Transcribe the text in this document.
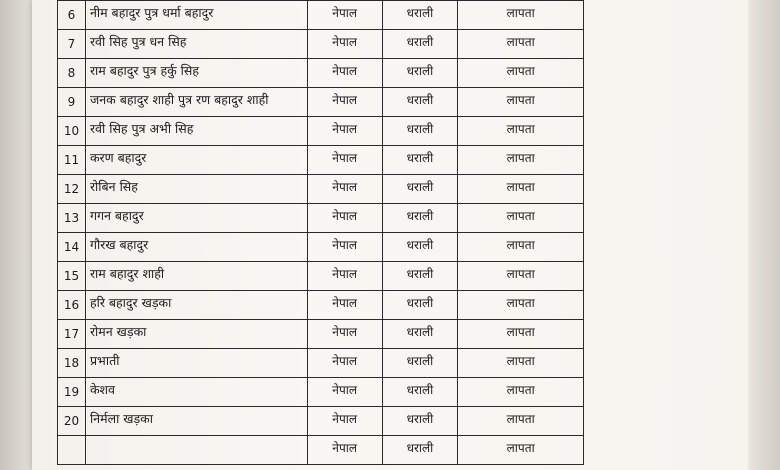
6	नीम बहादुर पुत्र धर्मा बहादुर	नेपाल	धराली	लापता
7	रवी सिह पुत्र धन सिह	नेपाल	धराली	लापता
8	राम बहादुर पुत्र हर्कु सिह	नेपाल	धराली	लापता
9	जनक बहादुर शाही पुत्र रण बहादुर शाही	नेपाल	धराली	लापता
10	रवी सिह पुत्र अभी सिह	नेपाल	धराली	लापता
11	करण बहादुर	नेपाल	धराली	लापता
12	रोबिन सिह	नेपाल	धराली	लापता
13	गगन बहादुर	नेपाल	धराली	लापता
14	गौरख बहादुर	नेपाल	धराली	लापता
15	राम बहादुर शाही	नेपाल	धराली	लापता
16	हरि बहादुर खड़का	नेपाल	धराली	लापता
17	रोमन खड़का	नेपाल	धराली	लापता
18	प्रभाती	नेपाल	धराली	लापता
19	केशव	नेपाल	धराली	लापता
20	निर्मला खड़का	नेपाल	धराली	लापता
		नेपाल	धराली	लापता
